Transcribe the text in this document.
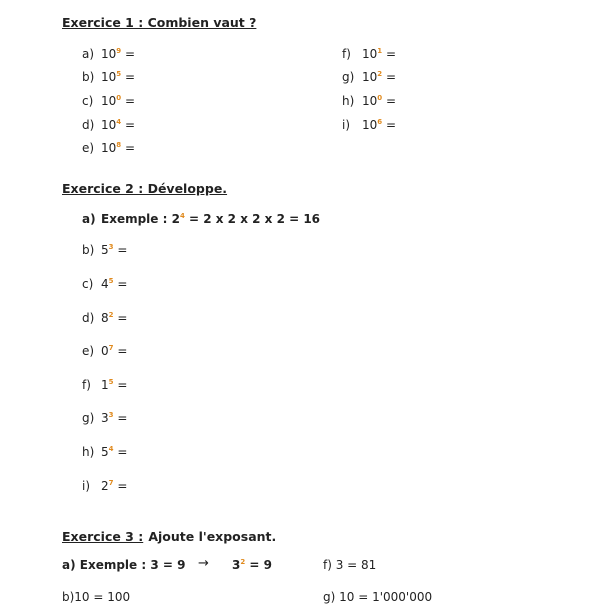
Exercice 1 : Combien vaut ?
a) $10^9$ =
b) $10^5$ =
c) $10^0$ =
d) $10^4$ =
e) $10^8$ =
f) $10^1$ =
g) $10^2$ =
h) $10^0$ =
i) $10^6$ =
Exercice 2 : Développe.
a) Exemple : $2^4 = 2$ x 2 x 2 x 2 = 16
b) $5^3$ =
c) $4^5$ =
d) $8^2$ =
e) $0^7$ =
f) $1^5$ =
g) $3^3$ =
h) $5^4$ =
i) $2^7$ =
Exercice 3 : Ajoute l'exposant.
a) Exemple : $3 = 9 \to 3^2 = 9$	f) 3 = 81
b)10 = 100	g) 10 = 1'000'000
